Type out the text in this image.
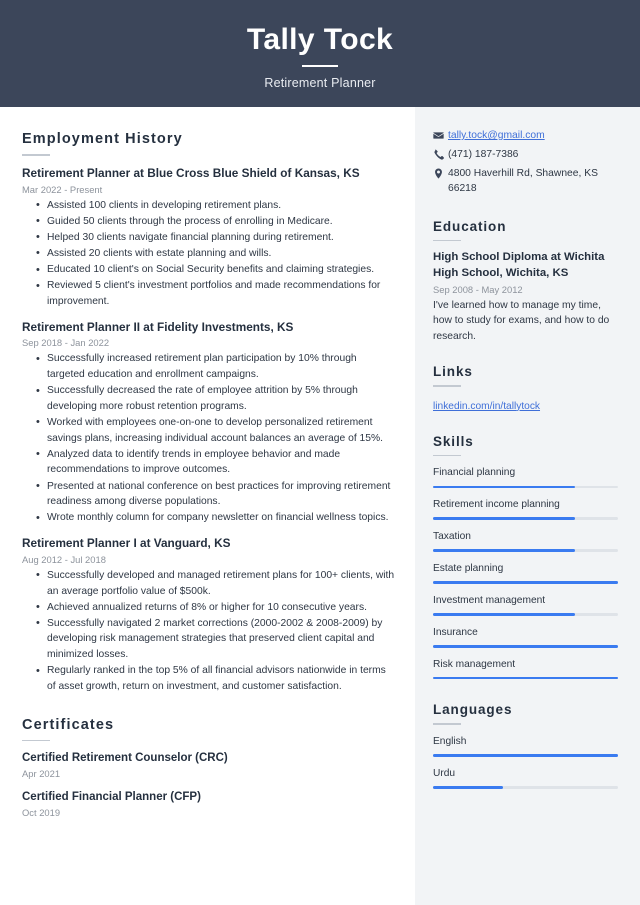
Tally Tock
Retirement Planner
Employment History
Retirement Planner at Blue Cross Blue Shield of Kansas, KS
Mar 2022 - Present
• Assisted 100 clients in developing retirement plans.
• Guided 50 clients through the process of enrolling in Medicare.
• Helped 30 clients navigate financial planning during retirement.
• Assisted 20 clients with estate planning and wills.
• Educated 10 client's on Social Security benefits and claiming strategies.
• Reviewed 5 client's investment portfolios and made recommendations for improvement.
Retirement Planner II at Fidelity Investments, KS
Sep 2018 - Jan 2022
• Successfully increased retirement plan participation by 10% through targeted education and enrollment campaigns.
• Successfully decreased the rate of employee attrition by 5% through developing more robust retention programs.
• Worked with employees one-on-one to develop personalized retirement savings plans, increasing individual account balances an average of 15%.
• Analyzed data to identify trends in employee behavior and made recommendations to improve outcomes.
• Presented at national conference on best practices for improving retirement readiness among diverse populations.
• Wrote monthly column for company newsletter on financial wellness topics.
Retirement Planner I at Vanguard, KS
Aug 2012 - Jul 2018
• Successfully developed and managed retirement plans for 100+ clients, with an average portfolio value of $500k.
• Achieved annualized returns of 8% or higher for 10 consecutive years.
• Successfully navigated 2 market corrections (2000-2002 & 2008-2009) by developing risk management strategies that preserved client capital and minimized losses.
• Regularly ranked in the top 5% of all financial advisors nationwide in terms of asset growth, return on investment, and customer satisfaction.
Certificates
Certified Retirement Counselor (CRC)
Apr 2021
Certified Financial Planner (CFP)
Oct 2019
tally.tock@gmail.com
(471) 187-7386
4800 Haverhill Rd, Shawnee, KS 66218
Education
High School Diploma at Wichita High School, Wichita, KS
Sep 2008 - May 2012
I've learned how to manage my time, how to study for exams, and how to do research.
Links
linkedin.com/in/tallytock
Skills
Financial planning
Retirement income planning
Taxation
Estate planning
Investment management
Insurance
Risk management
Languages
English
Urdu
